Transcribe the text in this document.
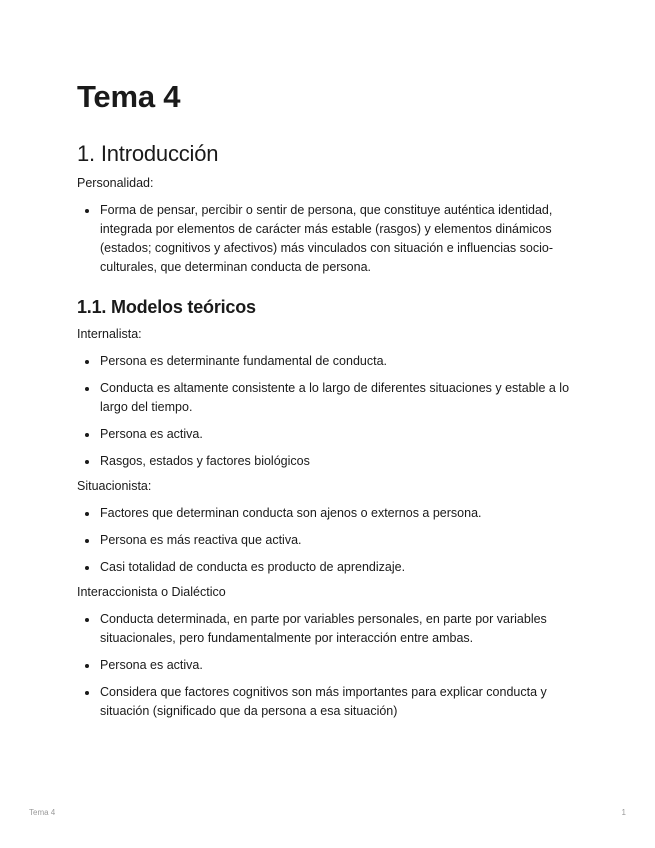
Tema 4
1. Introducción

Personalidad:

Forma de pensar, percibir o sentir de persona, que constituye auténtica identidad, integrada por elementos de carácter más estable (rasgos) y elementos dinámicos (estados; cognitivos y afectivos) más vinculados con situación e influencias socio-culturales, que determinan conducta de persona.
1.1. Modelos teóricos

Internalista:

Persona es determinante fundamental de conducta.
Conducta es altamente consistente a lo largo de diferentes situaciones y estable a lo largo del tiempo.
Persona es activa.
Rasgos, estados y factores biológicos

Situacionista:

Factores que determinan conducta son ajenos o externos a persona.
Persona es más reactiva que activa.
Casi totalidad de conducta es producto de aprendizaje.

Interaccionista o Dialéctico

Conducta determinada, en parte por variables personales, en parte por variables situacionales, pero fundamentalmente por interacción entre ambas.
Persona es activa.
Considera que factores cognitivos son más importantes para explicar conducta y situación (significado que da persona a esa situación)
Tema 4	1
